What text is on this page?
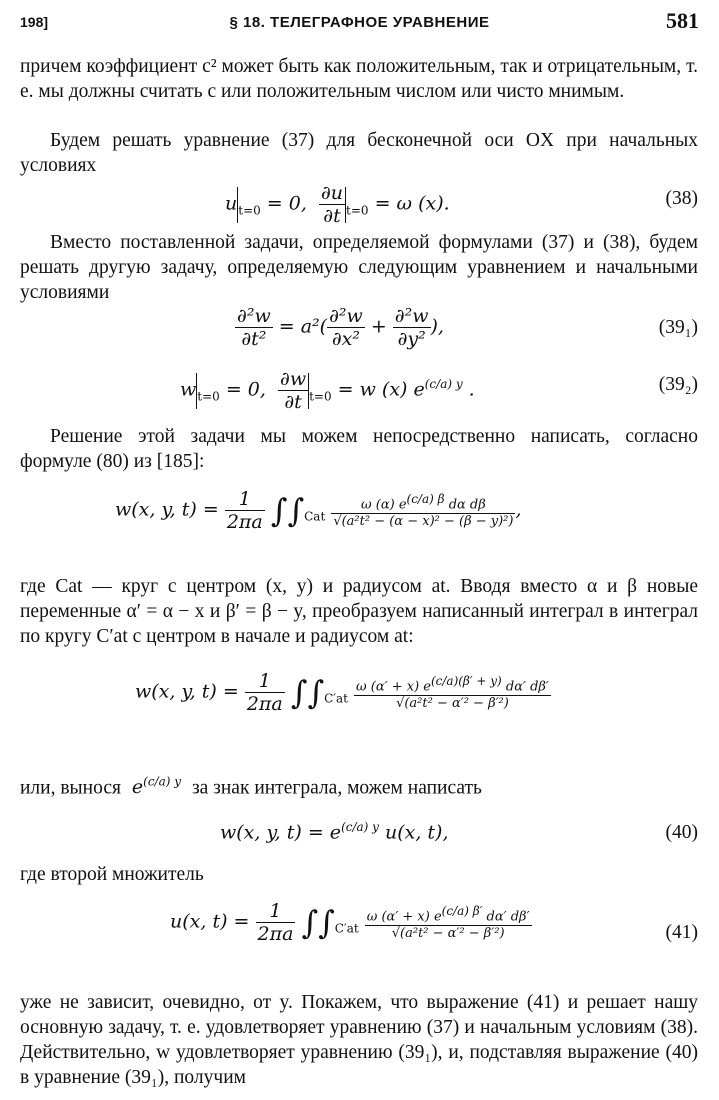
198]	§ 18. ТЕЛЕГРАФНОЕ УРАВНЕНИЕ	581
причем коэффициент c² может быть как положительным, так и отрицательным, т. е. мы должны считать c или положительным числом или чисто мнимым.
Будем решать уравнение (37) для бесконечной оси OX при начальных условиях
$u_{t=0} = 0$, $\frac{\partial u}{\partial t} _{t=0} = \omega$ (x).	(38)
Вместо поставленной задачи, определяемой формулами (37) и (38), будем решать другую задачу, определяемую следующим уравнением и начальными условиями
$\frac{\text{∂²w}}{\text{∂t²}} = a^2( \frac{\text{∂²w}}{\text{∂x²}} + \frac{\text{∂²w}}{\text{∂y²}}$ ),	(39₁)
$w_{t=0} = 0$, $\frac{\partial w}{\partial t} _{t=0} = w$ (x) $e^{(c/a) y}$ .	(39₂)
Решение этой задачи мы можем непосредственно написать, согласно формуле (80) из [185]:
w(x, y, $t) = \frac{1}{2\pi a} \int\int_{Cat} \frac{\text{ω (α) e(c/a) β dα dβ}}{\text{√(a²t² − (α − x)² − (β − y)²)}}$ ,
где Cat — круг с центром (x, y) и радиусом at. Вводя вместо α и β новые переменные α′ = α − x и β′ = β − y, преобразуем написанный интеграл в интеграл по кругу C′at с центром в начале и радиусом at:
w(x, y, $t) = \frac{1}{2\pi a} \int\int_{C'at} \frac{\omega (\alpha' + x) e(c/a)(\beta' + y) d\alpha' d\beta'}{\text{√(a²t² − α′² − β′²)}}$
или, вынося  $e^{(c/a) y}$ за знак интеграла, можем написать
w(x, y, $t) = e^{(c/a) y}$ u(x, t),	(40)
где второй множитель
u(x, $t) = \frac{1}{2\pi a} \int\int_{C'at} \frac{\omega (\alpha' + x) e(c/a) \beta' d\alpha' d\beta'}{\text{√(a²t² − α′² − β′²)}}$	(41)
уже не зависит, очевидно, от y. Покажем, что выражение (41) и решает нашу основную задачу, т. е. удовлетворяет уравнению (37) и начальным условиям (38). Действительно, w удовлетворяет уравнению (39₁), и, подставляя выражение (40) в уравнение (39₁), получим
